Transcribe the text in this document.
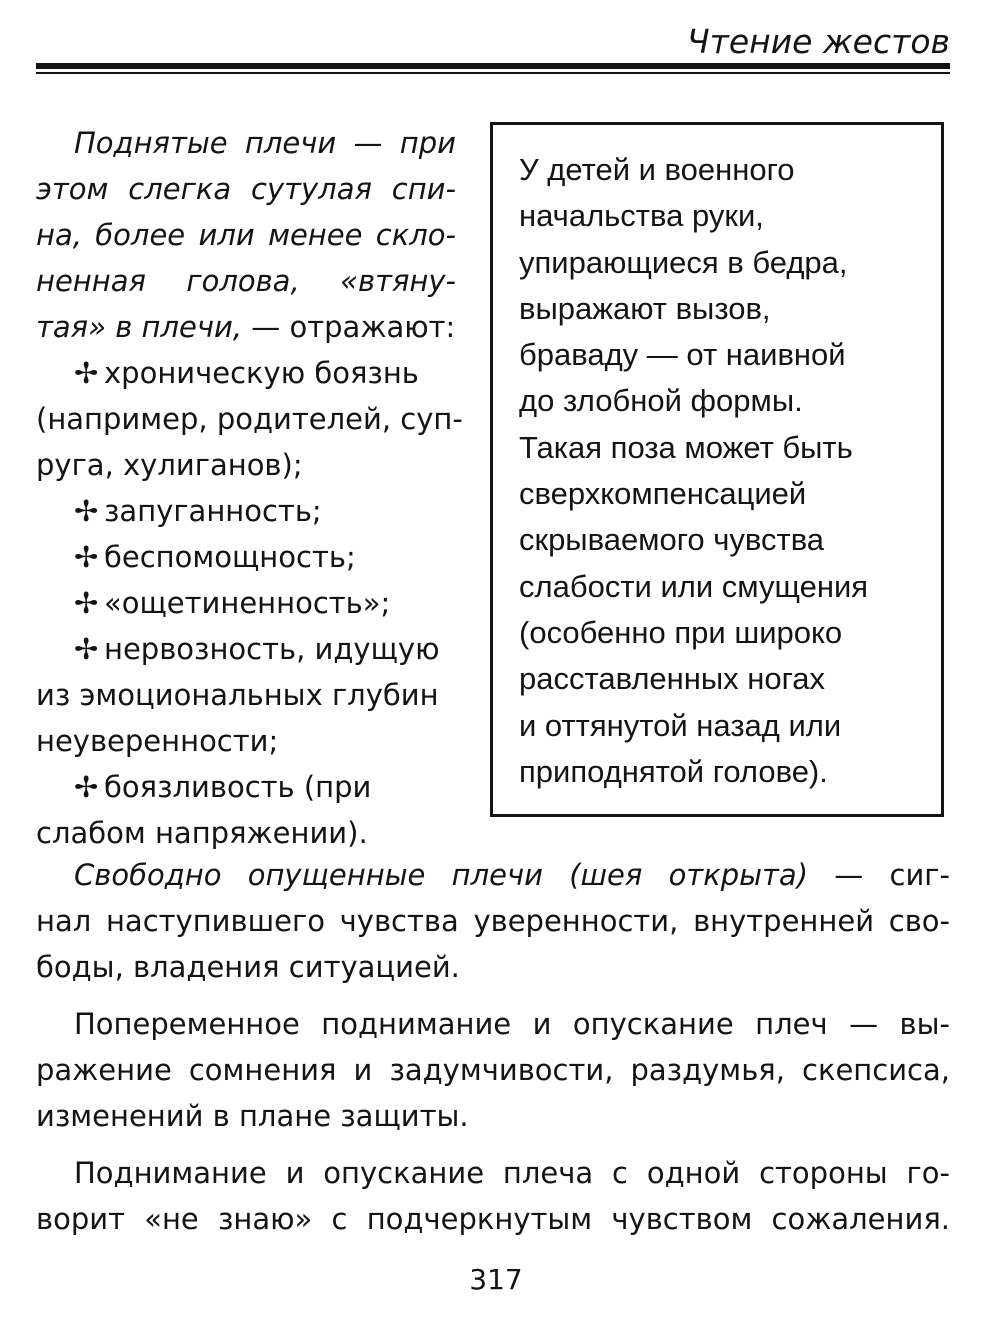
Чтение жестов
Поднятые плечи — при
этом слегка сутулая спи-
на, более или менее скло-
ненная голова, «втяну-
тая» в плечи, — отражают:
✢ хроническую боязнь
(например, родителей, суп-
руга, хулиганов);
✢ запуганность;
✢ беспомощность;
✢ «ощетиненность»;
✢ нервозность, идущую
из эмоциональных глубин
неуверенности;
✢ боязливость (при
слабом напряжении).
У детей и военного
начальства руки,
упирающиеся в бедра,
выражают вызов,
браваду — от наивной
до злобной формы.
Такая поза может быть
сверхкомпенсацией
скрываемого чувства
слабости или смущения
(особенно при широко
расставленных ногах
и оттянутой назад или
приподнятой голове).
Свободно опущенные плечи (шея открыта) — сиг-
нал наступившего чувства уверенности, внутренней сво-
боды, владения ситуацией.
Попеременное поднимание и опускание плеч — вы-
ражение сомнения и задумчивости, раздумья, скепсиса,
изменений в плане защиты.
Поднимание и опускание плеча с одной стороны го-
ворит «не знаю» с подчеркнутым чувством сожаления.
317
